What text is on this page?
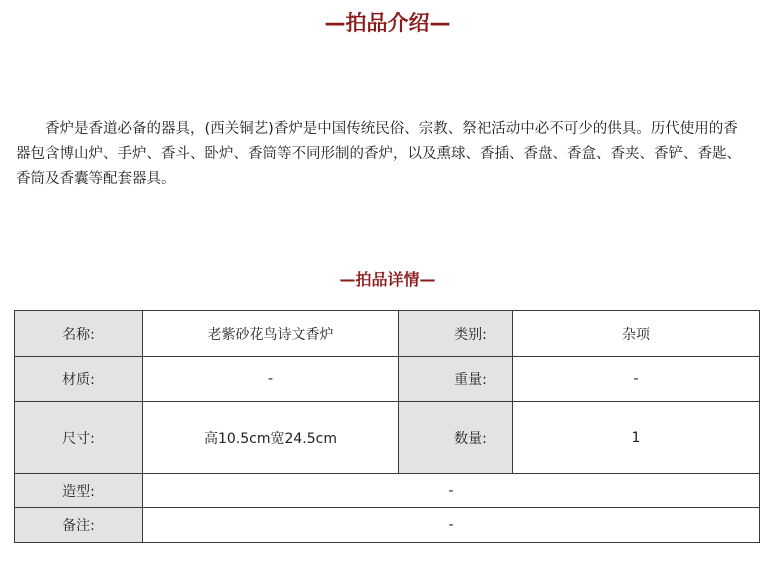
—拍品介绍—

香炉是香道必备的器具，(西关铜艺)香炉是中国传统民俗、宗教、祭祀活动中必不可少的供具。历代使用的香器包含博山炉、手炉、香斗、卧炉、香筒等不同形制的香炉，以及熏球、香插、香盘、香盒、香夹、香铲、香匙、香筒及香囊等配套器具。

—拍品详情—
名称:	老紫砂花鸟诗文香炉	类别:	杂项
材质:	-	重量:	-
尺寸:	高10.5cm宽24.5cm	数量:	1
造型:	-		
备注:	-		
